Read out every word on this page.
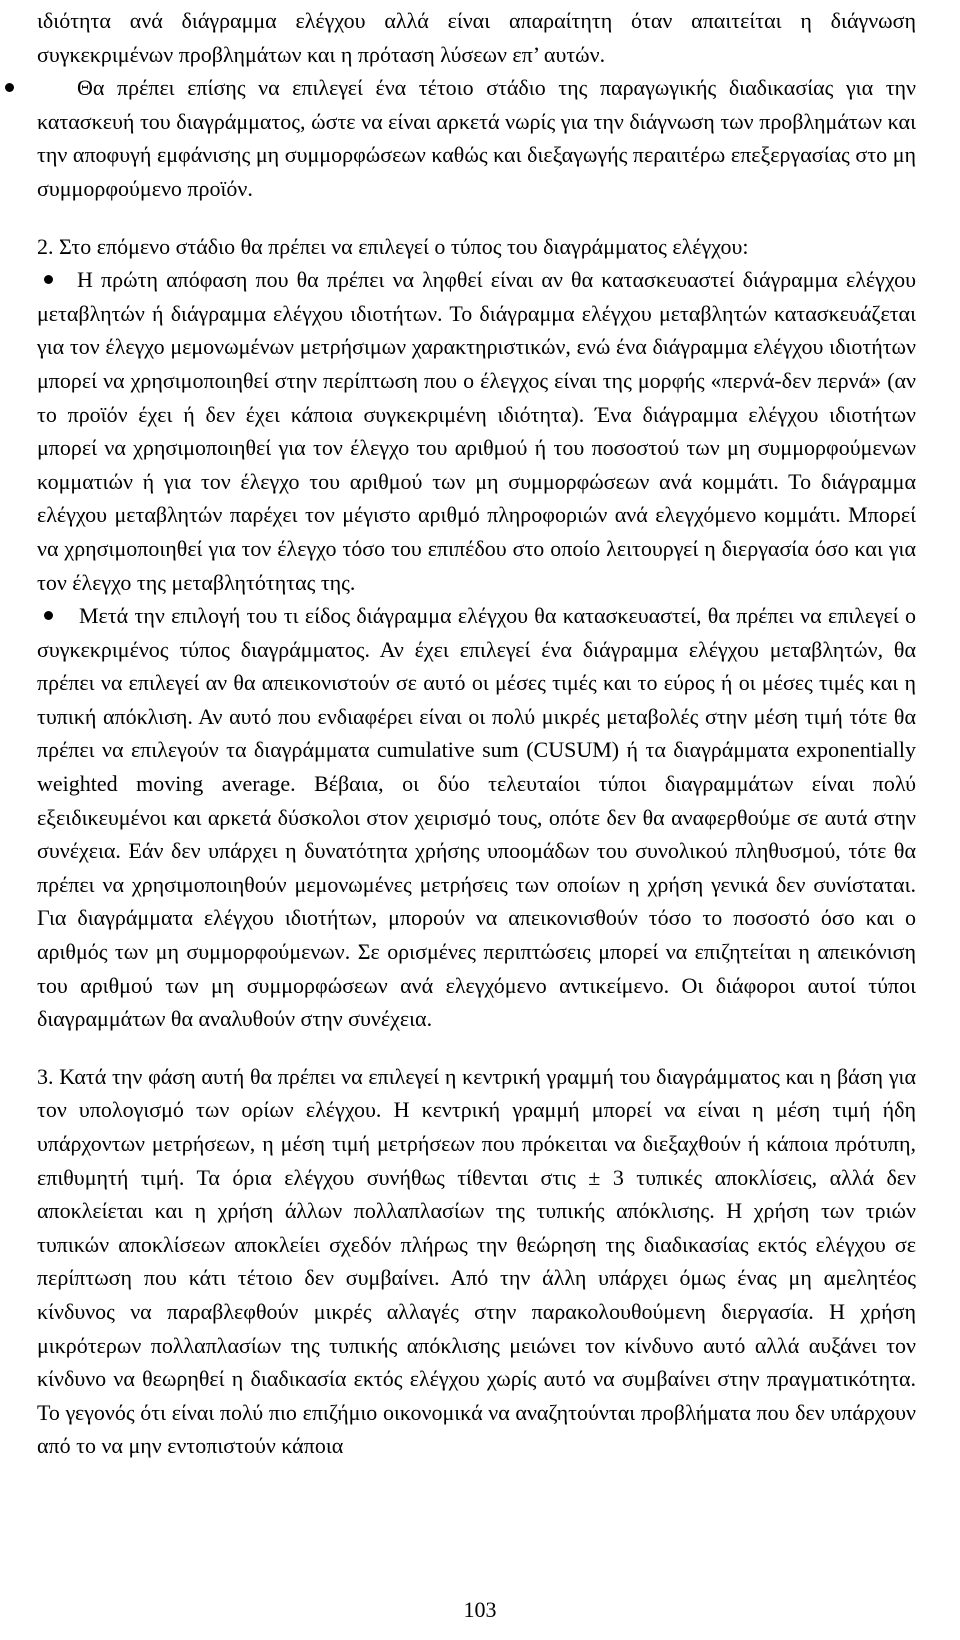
ιδιότητα ανά διάγραμμα ελέγχου αλλά είναι απαραίτητη όταν απαιτείται η διάγνωση συγκεκριμένων προβλημάτων και η πρόταση λύσεων επ’ αυτών.

Θα πρέπει επίσης να επιλεγεί ένα τέτοιο στάδιο της παραγωγικής διαδικασίας για την κατασκευή του διαγράμματος, ώστε να είναι αρκετά νωρίς για την διάγνωση των προβλημάτων και την αποφυγή εμφάνισης μη συμμορφώσεων καθώς και διεξαγωγής περαιτέρω επεξεργασίας στο μη συμμορφούμενο προϊόν.

2. Στο επόμενο στάδιο θα πρέπει να επιλεγεί ο τύπος του διαγράμματος ελέγχου:

Η πρώτη απόφαση που θα πρέπει να ληφθεί είναι αν θα κατασκευαστεί διάγραμμα ελέγχου μεταβλητών ή διάγραμμα ελέγχου ιδιοτήτων. Το διάγραμμα ελέγχου μεταβλητών κατασκευάζεται για τον έλεγχο μεμονωμένων μετρήσιμων χαρακτηριστικών, ενώ ένα διάγραμμα ελέγχου ιδιοτήτων μπορεί να χρησιμοποιηθεί στην περίπτωση που ο έλεγχος είναι της μορφής «περνά-δεν περνά» (αν το προϊόν έχει ή δεν έχει κάποια συγκεκριμένη ιδιότητα). Ένα διάγραμμα ελέγχου ιδιοτήτων μπορεί να χρησιμοποιηθεί για τον έλεγχο του αριθμού ή του ποσοστού των μη συμμορφούμενων κομματιών ή για τον έλεγχο του αριθμού των μη συμμορφώσεων ανά κομμάτι. Το διάγραμμα ελέγχου μεταβλητών παρέχει τον μέγιστο αριθμό πληροφοριών ανά ελεγχόμενο κομμάτι. Μπορεί να χρησιμοποιηθεί για τον έλεγχο τόσο του επιπέδου στο οποίο λειτουργεί η διεργασία όσο και για τον έλεγχο της μεταβλητότητας της.

Μετά την επιλογή του τι είδος διάγραμμα ελέγχου θα κατασκευαστεί, θα πρέπει να επιλεγεί ο συγκεκριμένος τύπος διαγράμματος. Αν έχει επιλεγεί ένα διάγραμμα ελέγχου μεταβλητών, θα πρέπει να επιλεγεί αν θα απεικονιστούν σε αυτό οι μέσες τιμές και το εύρος ή οι μέσες τιμές και η τυπική απόκλιση. Αν αυτό που ενδιαφέρει είναι οι πολύ μικρές μεταβολές στην μέση τιμή τότε θα πρέπει να επιλεγούν τα διαγράμματα cumulative sum (CUSUM) ή τα διαγράμματα exponentially weighted moving average. Βέβαια, οι δύο τελευταίοι τύποι διαγραμμάτων είναι πολύ εξειδικευμένοι και αρκετά δύσκολοι στον χειρισμό τους, οπότε δεν θα αναφερθούμε σε αυτά στην συνέχεια. Εάν δεν υπάρχει η δυνατότητα χρήσης υποομάδων του συνολικού πληθυσμού, τότε θα πρέπει να χρησιμοποιηθούν μεμονωμένες μετρήσεις των οποίων η χρήση γενικά δεν συνίσταται. Για διαγράμματα ελέγχου ιδιοτήτων, μπορούν να απεικονισθούν τόσο το ποσοστό όσο και ο αριθμός των μη συμμορφούμενων. Σε ορισμένες περιπτώσεις μπορεί να επιζητείται η απεικόνιση του αριθμού των μη συμμορφώσεων ανά ελεγχόμενο αντικείμενο. Οι διάφοροι αυτοί τύποι διαγραμμάτων θα αναλυθούν στην συνέχεια.

3. Κατά την φάση αυτή θα πρέπει να επιλεγεί η κεντρική γραμμή του διαγράμματος και η βάση για τον υπολογισμό των ορίων ελέγχου. Η κεντρική γραμμή μπορεί να είναι η μέση τιμή ήδη υπάρχοντων μετρήσεων, η μέση τιμή μετρήσεων που πρόκειται να διεξαχθούν ή κάποια πρότυπη, επιθυμητή τιμή. Τα όρια ελέγχου συνήθως τίθενται στις ± 3 τυπικές αποκλίσεις, αλλά δεν αποκλείεται και η χρήση άλλων πολλαπλασίων της τυπικής απόκλισης. Η χρήση των τριών τυπικών αποκλίσεων αποκλείει σχεδόν πλήρως την θεώρηση της διαδικασίας εκτός ελέγχου σε περίπτωση που κάτι τέτοιο δεν συμβαίνει. Από την άλλη υπάρχει όμως ένας μη αμελητέος κίνδυνος να παραβλεφθούν μικρές αλλαγές στην παρακολουθούμενη διεργασία. Η χρήση μικρότερων πολλαπλασίων της τυπικής απόκλισης μειώνει τον κίνδυνο αυτό αλλά αυξάνει τον κίνδυνο να θεωρηθεί η διαδικασία εκτός ελέγχου χωρίς αυτό να συμβαίνει στην πραγματικότητα. Το γεγονός ότι είναι πολύ πιο επιζήμιο οικονομικά να αναζητούνται προβλήματα που δεν υπάρχουν από το να μην εντοπιστούν κάποια

103
